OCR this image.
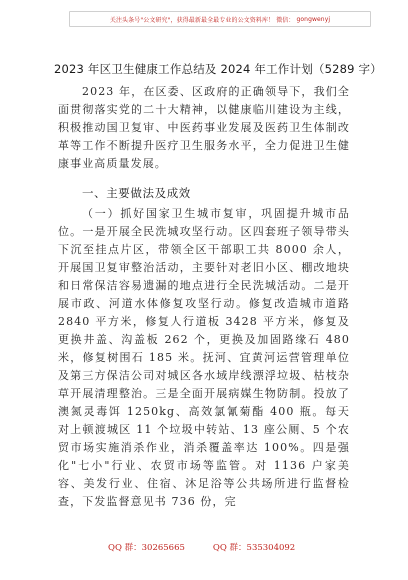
关注头条号"公文研究"，获得最新最全最专业的公文资料库！ 微信： gongwenyj
2023 年区卫生健康工作总结及 2024 年工作计划（5289 字）
2023 年，在区委、区政府的正确领导下，我们全面贯彻落实党的二十大精神，以健康临川建设为主线，积极推动国卫复审、中医药事业发展及医药卫生体制改革等工作不断提升医疗卫生服务水平，全力促进卫生健康事业高质量发展。
一、主要做法及成效
（一）抓好国家卫生城市复审，巩固提升城市品位。一是开展全民洗城攻坚行动。区四套班子领导带头下沉至挂点片区，带领全区干部职工共 8000 余人，开展国卫复审整治活动，主要针对老旧小区、棚改地块和日常保洁容易遗漏的地点进行全民洗城活动。二是开展市政、河道水体修复攻坚行动。修复改造城市道路 2840 平方米，修复人行道板 3428 平方米，修复及更换井盖、沟盖板 262 个，更换及加固路缘石 480 米，修复树围石 185 米。抚河、宜黄河运营管理单位及第三方保洁公司对城区各水域岸线漂浮垃圾、枯枝杂草开展清理整治。三是全面开展病媒生物防制。投放了澳氮灵毒饵 1250kg、高效氯氰菊酯 400 瓶。每天对上顿渡城区 11 个垃圾中转站、13 座公厕、5 个农贸市场实施消杀作业，消杀覆盖率达 100%。四是强化"七小"行业、农贸市场等监管。对 1136 户家美容、美发行业、住宿、沐足浴等公共场所进行监督检查，下发监督意见书 736 份，完
QQ 群：30265665	QQ 群：535304092
